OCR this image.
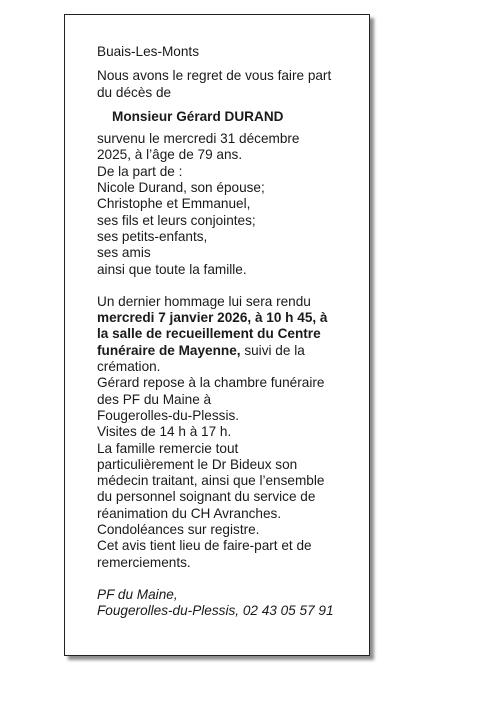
Buais-Les-Monts

Nous avons le regret de vous faire part
du décès de

Monsieur Gérard DURAND

survenu le mercredi 31 décembre
2025, à l’âge de 79 ans.
De la part de :
Nicole Durand, son épouse;
Christophe et Emmanuel,
ses fils et leurs conjointes;
ses petits-enfants,
ses amis
ainsi que toute la famille.

Un dernier hommage lui sera rendu
mercredi 7 janvier 2026, à 10 h 45, à
la salle de recueillement du Centre
funéraire de Mayenne, suivi de la
crémation.
Gérard repose à la chambre funéraire
des PF du Maine à
Fougerolles-du-Plessis.
Visites de 14 h à 17 h.
La famille remercie tout
particulièrement le Dr Bideux son
médecin traitant, ainsi que l’ensemble
du personnel soignant du service de
réanimation du CH Avranches.
Condoléances sur registre.
Cet avis tient lieu de faire-part et de
remerciements.

PF du Maine,
Fougerolles-du-Plessis, 02 43 05 57 91
